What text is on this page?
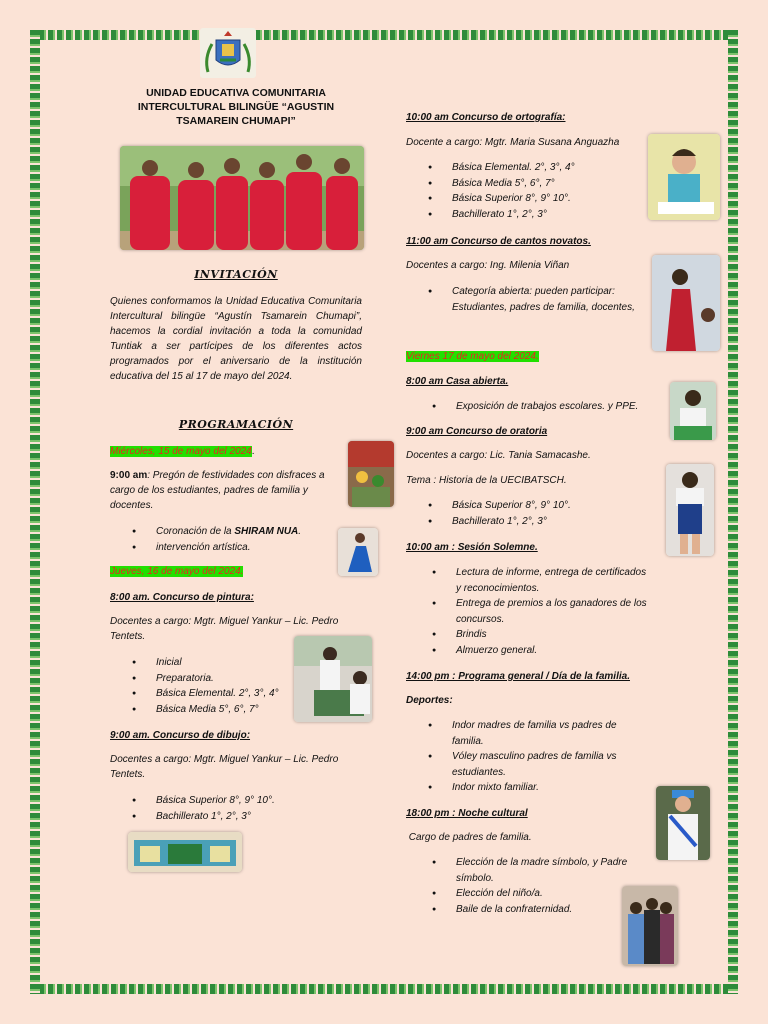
UNIDAD EDUCATIVA COMUNITARIA INTERCULTURAL BILINGÜE “AGUSTIN TSAMAREIN CHUMAPI”
INVITACIÓN
Quienes conformamos la Unidad Educativa Comunitaria Intercultural bilingüe “Agustín Tsamarein Chumapi”, hacemos la cordial invitación a toda la comunidad Tuntiak a ser partícipes de los diferentes actos programados por el aniversario de la institución educativa del 15 al 17 de mayo del 2024.
PROGRAMACIÓN
Miércoles, 15 de mayo del 2024.
9:00 am: Pregón de festividades con disfraces a cargo de los estudiantes, padres de familia y docentes.
● Coronación de la SHIRAM NUA.
● intervención artística.
Jueves, 16 de mayo del 2024.
8:00 am. Concurso de pintura:
Docentes a cargo: Mgtr. Miguel Yankur – Lic. Pedro Tentets.
● Inicial
● Preparatoria.
● Básica Elemental. 2°, 3°, 4°
● Básica Media 5°, 6°, 7°
9:00 am. Concurso de dibujo:
Docentes a cargo: Mgtr. Miguel Yankur – Lic. Pedro Tentets.
● Básica Superior 8°, 9° 10°.
● Bachillerato 1°, 2°, 3°
10:00 am Concurso de ortografía:
Docente a cargo: Mgtr. Maria Susana Anguazha
● Básica Elemental. 2°, 3°, 4°
● Básica Media 5°, 6°, 7°
● Básica Superior 8°, 9° 10°.
● Bachillerato 1°, 2°, 3°
11:00 am Concurso de cantos novatos.
Docentes a cargo: Ing. Milenia Viñan
● Categoría abierta: pueden participar: Estudiantes, padres de familia, docentes,
Viernes 17 de mayo del 2024.
8:00 am Casa abierta.
● Exposición de trabajos escolares. y PPE.
9:00 am Concurso de oratoria
Docentes a cargo: Lic. Tania Samacashe.
Tema : Historia de la UECIBATSCH.
● Básica Superior 8°, 9° 10°.
● Bachillerato 1°, 2°, 3°
10:00 am : Sesión Solemne.
● Lectura de informe, entrega de certificados y reconocimientos.
● Entrega de premios a los ganadores de los concursos.
● Brindis
● Almuerzo general.
14:00 pm : Programa general / Día de la familia.
Deportes:
● Indor madres de familia vs padres de familia.
● Vóley masculino padres de familia vs estudiantes.
● Indor mixto familiar.
18:00 pm : Noche cultural
Cargo de padres de familia.
● Elección de la madre símbolo, y Padre símbolo.
● Elección del niño/a.
● Baile de la confraternidad.
